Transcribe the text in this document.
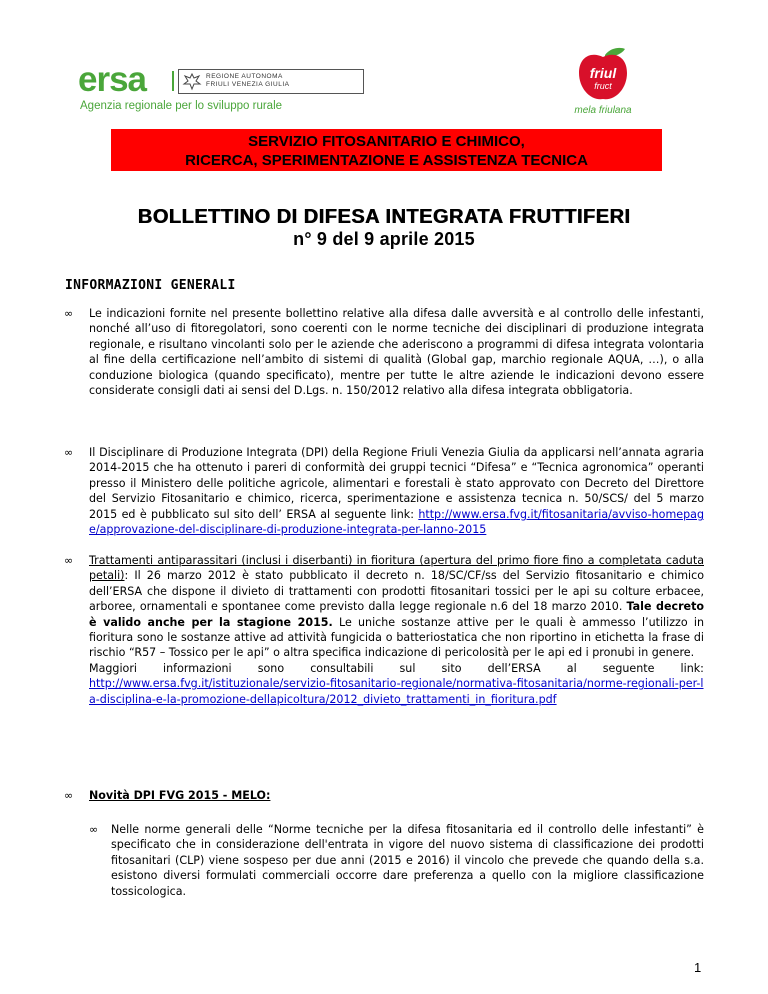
ersa	REGIONE AUTONOMA
FRIULI VENEZIA GIULIA
Agenzia regionale per lo sviluppo rurale
friul
fruct
mela friulana
SERVIZIO FITOSANITARIO E CHIMICO,
RICERCA, SPERIMENTAZIONE E ASSISTENZA TECNICA
BOLLETTINO DI DIFESA INTEGRATA FRUTTIFERI
n° 9 del 9 aprile 2015
INFORMAZIONI GENERALI
∞ Le indicazioni fornite nel presente bollettino relative alla difesa dalle avversità e al controllo delle infestanti, nonché all’uso di fitoregolatori, sono coerenti con le norme tecniche dei disciplinari di produzione integrata regionale, e risultano vincolanti solo per le aziende che aderiscono a programmi di difesa integrata volontaria al fine della certificazione nell’ambito di sistemi di qualità (Global gap, marchio regionale AQUA, …), o alla conduzione biologica (quando specificato), mentre per tutte le altre aziende le indicazioni devono essere considerate consigli dati ai sensi del D.Lgs. n. 150/2012 relativo alla difesa integrata obbligatoria.
∞ Il Disciplinare di Produzione Integrata (DPI) della Regione Friuli Venezia Giulia da applicarsi nell’annata agraria 2014-2015 che ha ottenuto i pareri di conformità dei gruppi tecnici “Difesa” e “Tecnica agronomica” operanti presso il Ministero delle politiche agricole, alimentari e forestali è stato approvato con Decreto del Direttore del Servizio Fitosanitario e chimico, ricerca, sperimentazione e assistenza tecnica n. 50/SCS/ del 5 marzo 2015 ed è pubblicato sul sito dell’ ERSA al seguente link: http://www.ersa.fvg.it/fitosanitaria/avviso-homepage/approvazione-del-disciplinare-di-produzione-integrata-per-lanno-2015
∞ Trattamenti antiparassitari (inclusi i diserbanti) in fioritura (apertura del primo fiore fino a completata caduta petali): Il 26 marzo 2012 è stato pubblicato il decreto n. 18/SC/CF/ss del Servizio fitosanitario e chimico dell’ERSA che dispone il divieto di trattamenti con prodotti fitosanitari tossici per le api su colture erbacee, arboree, ornamentali e spontanee come previsto dalla legge regionale n.6 del 18 marzo 2010. Tale decreto è valido anche per la stagione 2015. Le uniche sostanze attive per le quali è ammesso l’utilizzo in fioritura sono le sostanze attive ad attività fungicida o batteriostatica che non riportino in etichetta la frase di rischio “R57 – Tossico per le api” o altra specifica indicazione di pericolosità per le api ed i pronubi in genere.
Maggiori informazioni sono consultabili sul sito dell’ERSA al seguente link:
http://www.ersa.fvg.it/istituzionale/servizio-fitosanitario-regionale/normativa-fitosanitaria/norme-regionali-per-la-disciplina-e-la-promozione-dellapicoltura/2012_divieto_trattamenti_in_fioritura.pdf
∞ Novità DPI FVG 2015 - MELO:
∞ Nelle norme generali delle “Norme tecniche per la difesa fitosanitaria ed il controllo delle infestanti” è specificato che in considerazione dell'entrata in vigore del nuovo sistema di classificazione dei prodotti fitosanitari (CLP) viene sospeso per due anni (2015 e 2016) il vincolo che prevede che quando della s.a. esistono diversi formulati commerciali occorre dare preferenza a quello con la migliore classificazione tossicologica.
1
